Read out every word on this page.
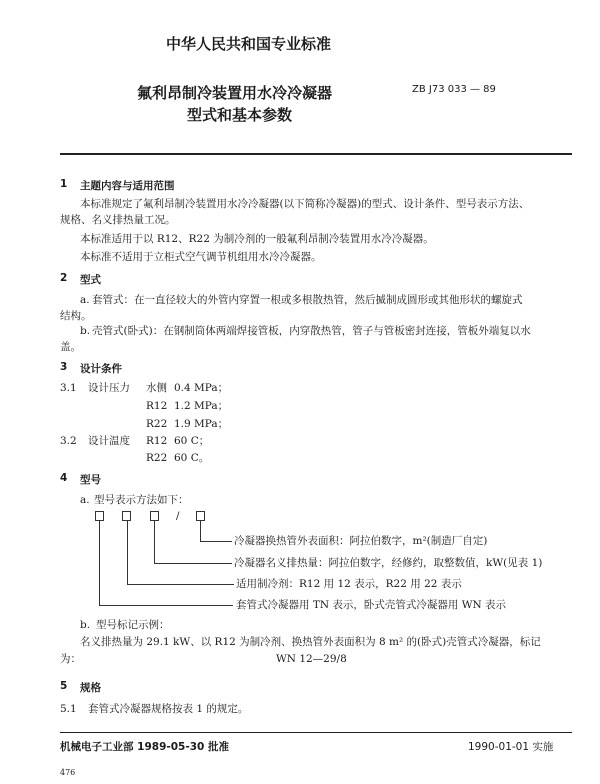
中华人民共和国专业标准
氟利昂制冷装置用水冷冷凝器
型式和基本参数
ZB J73 033 — 89
1 主题内容与适用范围
本标准规定了氟利昂制冷装置用水冷冷凝器(以下简称冷凝器)的型式、设计条件、型号表示方法、
规格、名义排热量工况。
本标准适用于以 R12、R22 为制冷剂的一般氟利昂制冷装置用水冷冷凝器。
本标准不适用于立柜式空气调节机组用水冷冷凝器。
2 型式
a. 套管式：在一直径较大的外管内穿置一根或多根散热管，然后揻制成圆形或其他形状的螺旋式
结构。
b. 壳管式(卧式)：在钢制筒体两端焊接管板，内穿散热管，管子与管板密封连接，管板外端复以水
盖。
3 设计条件
3.1 设计压力 水侧 0.4 MPa；
R12 1.2 MPa；
R22 1.9 MPa；
3.2 设计温度 R12 60 C；
R22 60 C。
4 型号
a. 型号表示方法如下：
/
冷凝器换热管外表面积：阿拉伯数字，m²(制造厂自定)
冷凝器名义排热量：阿拉伯数字，经修约，取整数值，kW(见表 1)
适用制冷剂：R12 用 12 表示，R22 用 22 表示
套管式冷凝器用 TN 表示，卧式壳管式冷凝器用 WN 表示
b. 型号标记示例：
名义排热量为 29.1 kW、以 R12 为制冷剂、换热管外表面积为 8 m² 的(卧式)壳管式冷凝器，标记
为：	WN 12—29/8
5 规格
5.1 套管式冷凝器规格按表 1 的规定。
机械电子工业部 1989-05-30 批准	1990-01-01 实施
476
